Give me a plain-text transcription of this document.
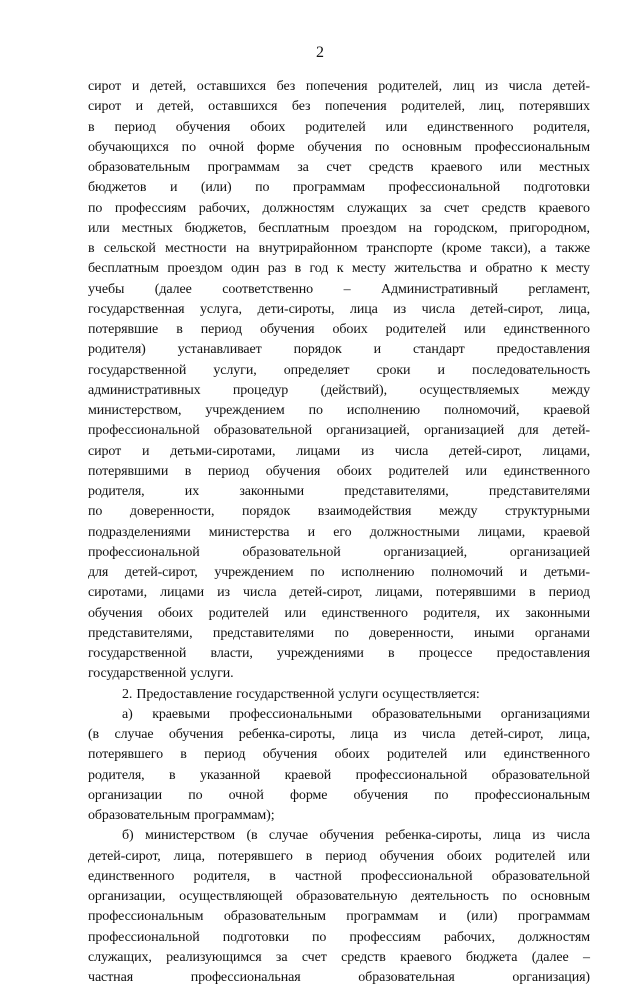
2
сирот и детей, оставшихся без попечения родителей, лиц из числа детей-
сирот и детей, оставшихся без попечения родителей, лиц, потерявших
в период обучения обоих родителей или единственного родителя,
обучающихся по очной форме обучения по основным профессиональным
образовательным программам за счет средств краевого или местных
бюджетов и (или) по программам профессиональной подготовки
по профессиям рабочих, должностям служащих за счет средств краевого
или местных бюджетов, бесплатным проездом на городском, пригородном,
в сельской местности на внутрирайонном транспорте (кроме такси), а также
бесплатным проездом один раз в год к месту жительства и обратно к месту
учебы (далее соответственно – Административный регламент,
государственная услуга, дети-сироты, лица из числа детей-сирот, лица,
потерявшие в период обучения обоих родителей или единственного
родителя) устанавливает порядок и стандарт предоставления
государственной услуги, определяет сроки и последовательность
административных процедур (действий), осуществляемых между
министерством, учреждением по исполнению полномочий, краевой
профессиональной образовательной организацией, организацией для детей-
сирот и детьми-сиротами, лицами из числа детей-сирот, лицами,
потерявшими в период обучения обоих родителей или единственного
родителя,	их	законными	представителями,	представителями
по доверенности, порядок взаимодействия между структурными
подразделениями министерства и его должностными лицами, краевой
профессиональной	образовательной	организацией,	организацией
для детей-сирот, учреждением по исполнению полномочий и детьми-
сиротами, лицами из числа детей-сирот, лицами, потерявшими в период
обучения обоих родителей или единственного родителя, их законными
представителями, представителями по доверенности, иными органами
государственной власти, учреждениями в процессе предоставления
государственной услуги.
2. Предоставление государственной услуги осуществляется:
а) краевыми профессиональными образовательными организациями
(в случае обучения ребенка-сироты, лица из числа детей-сирот, лица,
потерявшего в период обучения обоих родителей или единственного
родителя, в указанной краевой профессиональной образовательной
организации по очной форме обучения по профессиональным
образовательным программам);
б) министерством (в случае обучения ребенка-сироты, лица из числа
детей-сирот, лица, потерявшего в период обучения обоих родителей или
единственного родителя, в частной профессиональной образовательной
организации, осуществляющей образовательную деятельность по основным
профессиональным образовательным программам и (или) программам
профессиональной подготовки по профессиям рабочих, должностям
служащих, реализующимся за счет средств краевого бюджета (далее –
частная	профессиональная	образовательная	организация)
